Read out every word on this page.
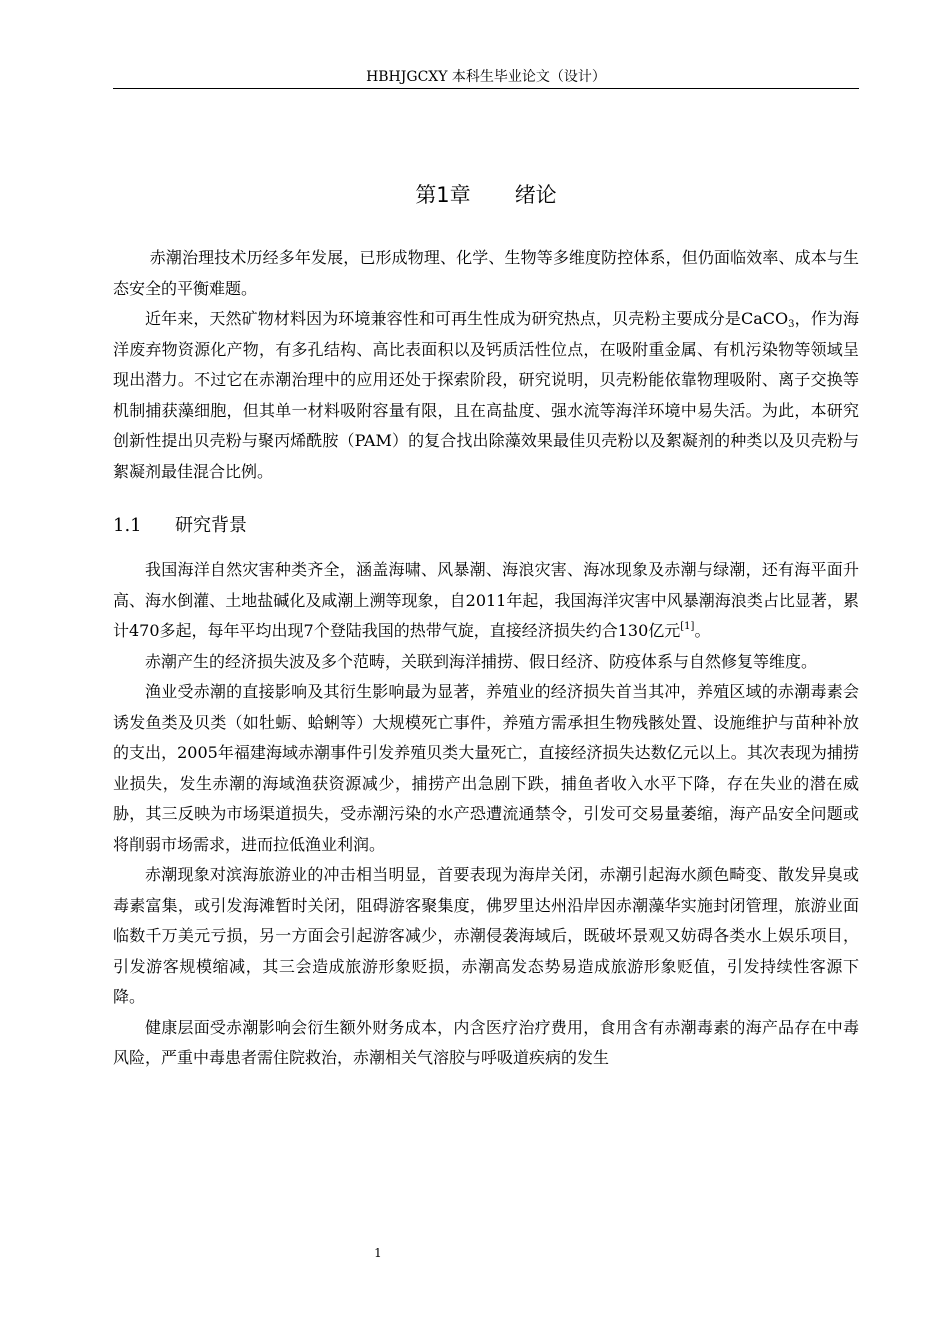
HBHJGCXY 本科生毕业论文（设计）
第1章 绪论

赤潮治理技术历经多年发展，已形成物理、化学、生物等多维度防控体系，但仍面临效率、成本与生态安全的平衡难题。

近年来，天然矿物材料因为环境兼容性和可再生性成为研究热点，贝壳粉主要成分是CaCO$_3$，作为海洋废弃物资源化产物，有多孔结构、高比表面积以及钙质活性位点，在吸附重金属、有机污染物等领域呈现出潜力。不过它在赤潮治理中的应用还处于探索阶段，研究说明，贝壳粉能依靠物理吸附、离子交换等机制捕获藻细胞，但其单一材料吸附容量有限，且在高盐度、强水流等海洋环境中易失活。为此，本研究创新性提出贝壳粉与聚丙烯酰胺（PAM）的复合找出除藻效果最佳贝壳粉以及絮凝剂的种类以及贝壳粉与絮凝剂最佳混合比例。

1.1 研究背景

我国海洋自然灾害种类齐全，涵盖海啸、风暴潮、海浪灾害、海冰现象及赤潮与绿潮，还有海平面升高、海水倒灌、土地盐碱化及咸潮上溯等现象，自2011年起，我国海洋灾害中风暴潮海浪类占比显著，累计470多起，每年平均出现7个登陆我国的热带气旋，直接经济损失约合130亿元[1]。

赤潮产生的经济损失波及多个范畴，关联到海洋捕捞、假日经济、防疫体系与自然修复等维度。

渔业受赤潮的直接影响及其衍生影响最为显著，养殖业的经济损失首当其冲，养殖区域的赤潮毒素会诱发鱼类及贝类（如牡蛎、蛤蜊等）大规模死亡事件，养殖方需承担生物残骸处置、设施维护与苗种补放的支出，2005年福建海域赤潮事件引发养殖贝类大量死亡，直接经济损失达数亿元以上。其次表现为捕捞业损失，发生赤潮的海域渔获资源减少，捕捞产出急剧下跌，捕鱼者收入水平下降，存在失业的潜在威胁，其三反映为市场渠道损失，受赤潮污染的水产恐遭流通禁令，引发可交易量萎缩，海产品安全问题或将削弱市场需求，进而拉低渔业利润。

赤潮现象对滨海旅游业的冲击相当明显，首要表现为海岸关闭，赤潮引起海水颜色畸变、散发异臭或毒素富集，或引发海滩暂时关闭，阻碍游客聚集度，佛罗里达州沿岸因赤潮藻华实施封闭管理，旅游业面临数千万美元亏损，另一方面会引起游客减少，赤潮侵袭海域后，既破坏景观又妨碍各类水上娱乐项目，引发游客规模缩减，其三会造成旅游形象贬损，赤潮高发态势易造成旅游形象贬值，引发持续性客源下降。

健康层面受赤潮影响会衍生额外财务成本，内含医疗治疗费用，食用含有赤潮毒素的海产品存在中毒风险，严重中毒患者需住院救治，赤潮相关气溶胶与呼吸道疾病的发生

1
